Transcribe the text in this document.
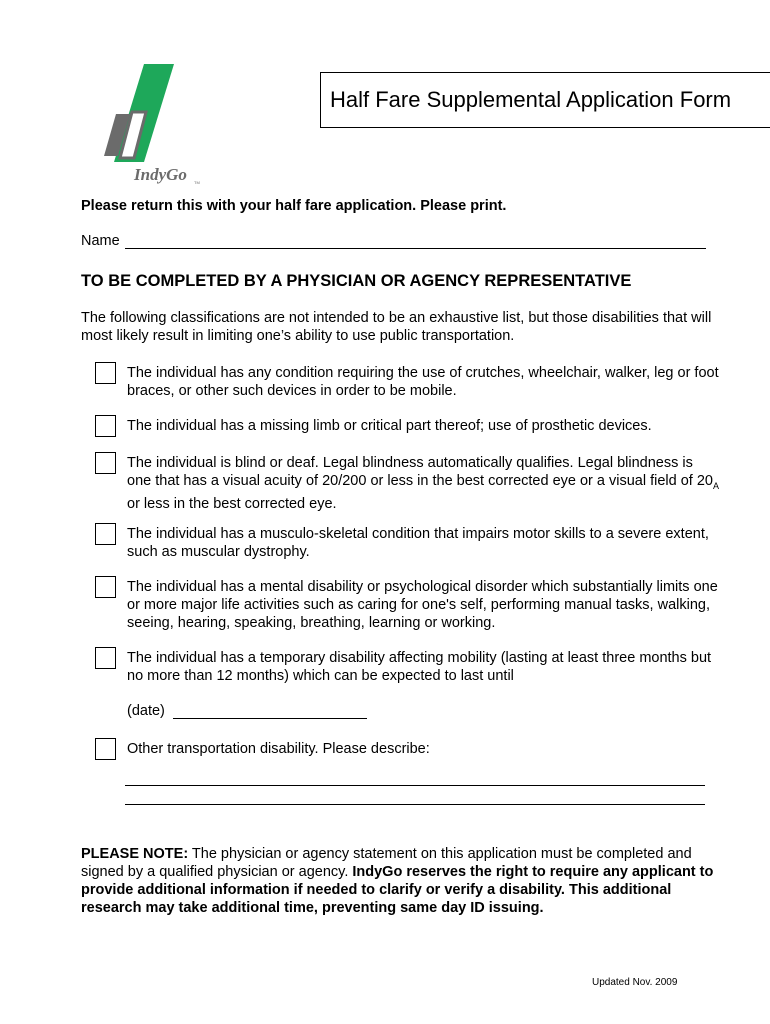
IndyGo TM
Half Fare Supplemental Application Form
Please return this with your half fare application. Please print.
Name
TO BE COMPLETED BY A PHYSICIAN OR AGENCY REPRESENTATIVE
The following classifications are not intended to be an exhaustive list, but those disabilities that will most likely result in limiting one’s ability to use public transportation.
The individual has any condition requiring the use of crutches, wheelchair, walker, leg or foot braces, or other such devices in order to be mobile.
The individual has a missing limb or critical part thereof; use of prosthetic devices.
The individual is blind or deaf. Legal blindness automatically qualifies. Legal blindness is one that has a visual acuity of 20/200 or less in the best corrected eye or a visual field of $20_A$ or less in the best corrected eye.
The individual has a musculo-skeletal condition that impairs motor skills to a severe extent, such as muscular dystrophy.
The individual has a mental disability or psychological disorder which substantially limits one or more major life activities such as caring for one's self, performing manual tasks, walking, seeing, hearing, speaking, breathing, learning or working.
The individual has a temporary disability affecting mobility (lasting at least three months but no more than 12 months) which can be expected to last until
(date)
Other transportation disability. Please describe:
PLEASE NOTE: The physician or agency statement on this application must be completed and signed by a qualified physician or agency. IndyGo reserves the right to require any applicant to provide additional information if needed to clarify or verify a disability. This additional research may take additional time, preventing same day ID issuing.
Updated Nov. 2009
